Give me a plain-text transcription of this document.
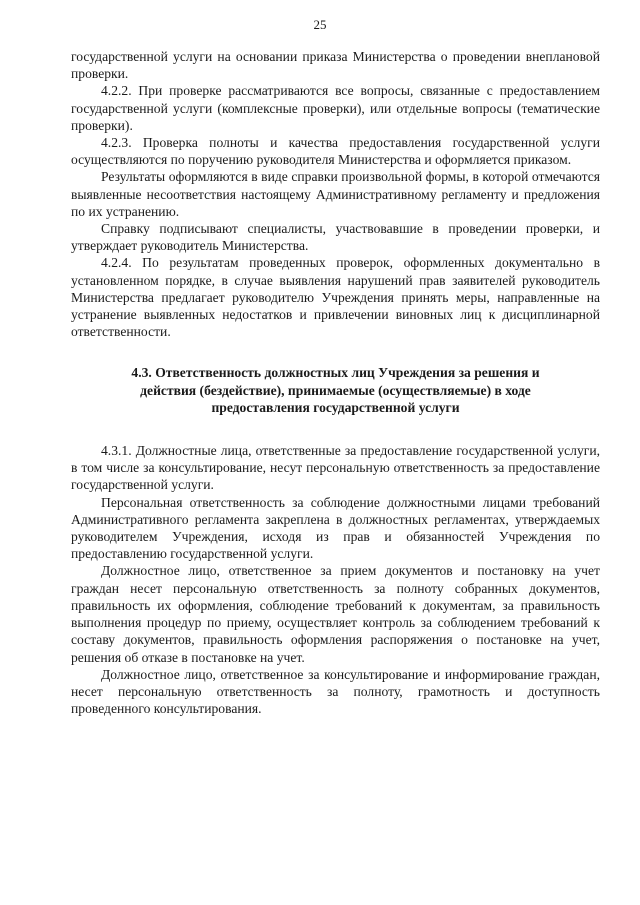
25

государственной услуги на основании приказа Министерства о проведении внеплановой проверки.

4.2.2. При проверке рассматриваются все вопросы, связанные с предоставлением государственной услуги (комплексные проверки), или отдельные вопросы (тематические проверки).

4.2.3. Проверка полноты и качества предоставления государственной услуги осуществляются по поручению руководителя Министерства и оформляется приказом.

Результаты оформляются в виде справки произвольной формы, в которой отмечаются выявленные несоответствия настоящему Административному регламенту и предложения по их устранению.

Справку подписывают специалисты, участвовавшие в проведении проверки, и утверждает руководитель Министерства.

4.2.4. По результатам проведенных проверок, оформленных документально в установленном порядке, в случае выявления нарушений прав заявителей руководитель Министерства предлагает руководителю Учреждения принять меры, направленные на устранение выявленных недостатков и привлечении виновных лиц к дисциплинарной ответственности.

4.3. Ответственность должностных лиц Учреждения за решения и
действия (бездействие), принимаемые (осуществляемые) в ходе
предоставления государственной услуги

4.3.1. Должностные лица, ответственные за предоставление государственной услуги, в том числе за консультирование, несут персональную ответственность за предоставление государственной услуги.

Персональная ответственность за соблюдение должностными лицами требований Административного регламента закреплена в должностных регламентах, утверждаемых руководителем Учреждения, исходя из прав и обязанностей Учреждения по предоставлению государственной услуги.

Должностное лицо, ответственное за прием документов и постановку на учет граждан несет персональную ответственность за полноту собранных документов, правильность их оформления, соблюдение требований к документам, за правильность выполнения процедур по приему, осуществляет контроль за соблюдением требований к составу документов, правильность оформления распоряжения о постановке на учет, решения об отказе в постановке на учет.

Должностное лицо, ответственное за консультирование и информирование граждан, несет персональную ответственность за полноту, грамотность и доступность проведенного консультирования.
